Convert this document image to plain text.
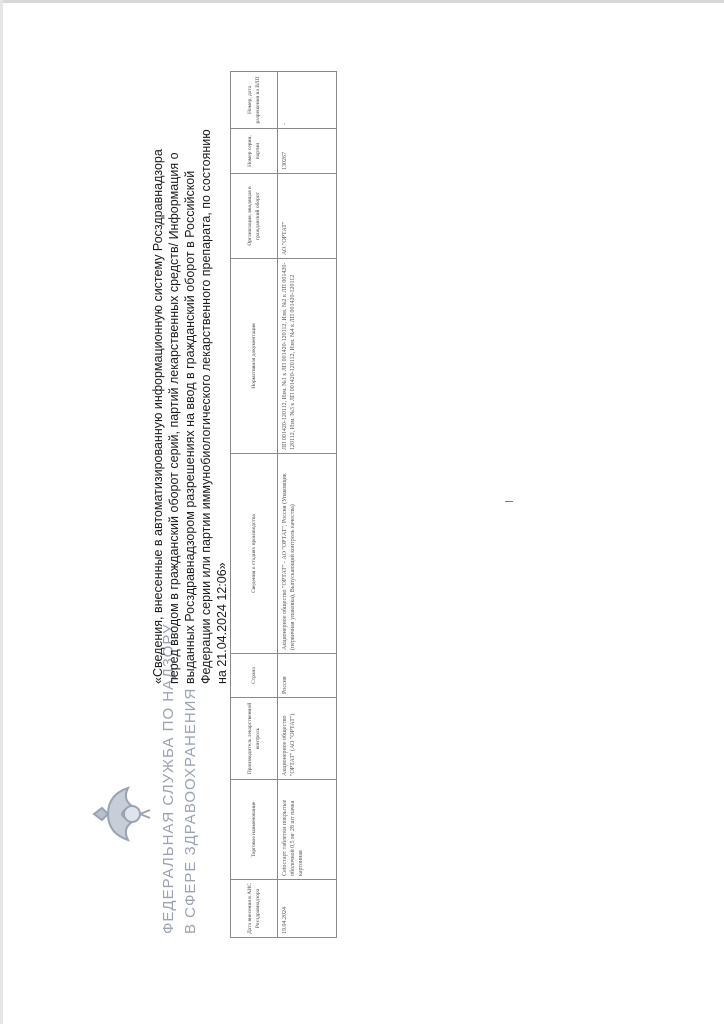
ФЕДЕРАЛЬНАЯ СЛУЖБА ПО НАДЗОРУ В СФЕРЕ ЗДРАВООХРАНЕНИЯ

«Сведения, внесенные в автоматизированную информационную систему Росздравнадзора перед вводом в гражданский оборот серий, партий лекарственных средств/ Информация о выданных Росздравнадзором разрешениях на ввод в гражданский оборот в Российской Федерации серии или партии иммунобиологического лекарственного препарата, по состоянию на 21.04.2024 12:06»

Дата внесения в АИС Росздравнадзора	Торговое наименование	Производитель лекарственной контроль	Страна	Сведения о стадиях производства	Нормативная документация	Организация, вводящая в гражданский оборот	Номер серии, партии	Номер, дата разрешения на ВЛП
19.04.2024	Сеtостарт таблетки покрытые оболочкой 0,5 мг 28 шт пачка картонная	Акционерное общество "ОРТАТ" (АО "ОРТАТ")	Россия	Акционерное общество "ОРТАТ" - АО "ОРТАТ", Россия (Упаковщик (первичная упаковка), Выпускающий контроль качества)	ЛП 001420-120112, Изм. №1 к ЛП 001420-120112, Изм. №2 к ЛП 001420-120112, Изм. №3 к ЛП 001420-120112, Изм. №4 к ЛП 001420-120112	АО "ОРТАТ"	130267	-
